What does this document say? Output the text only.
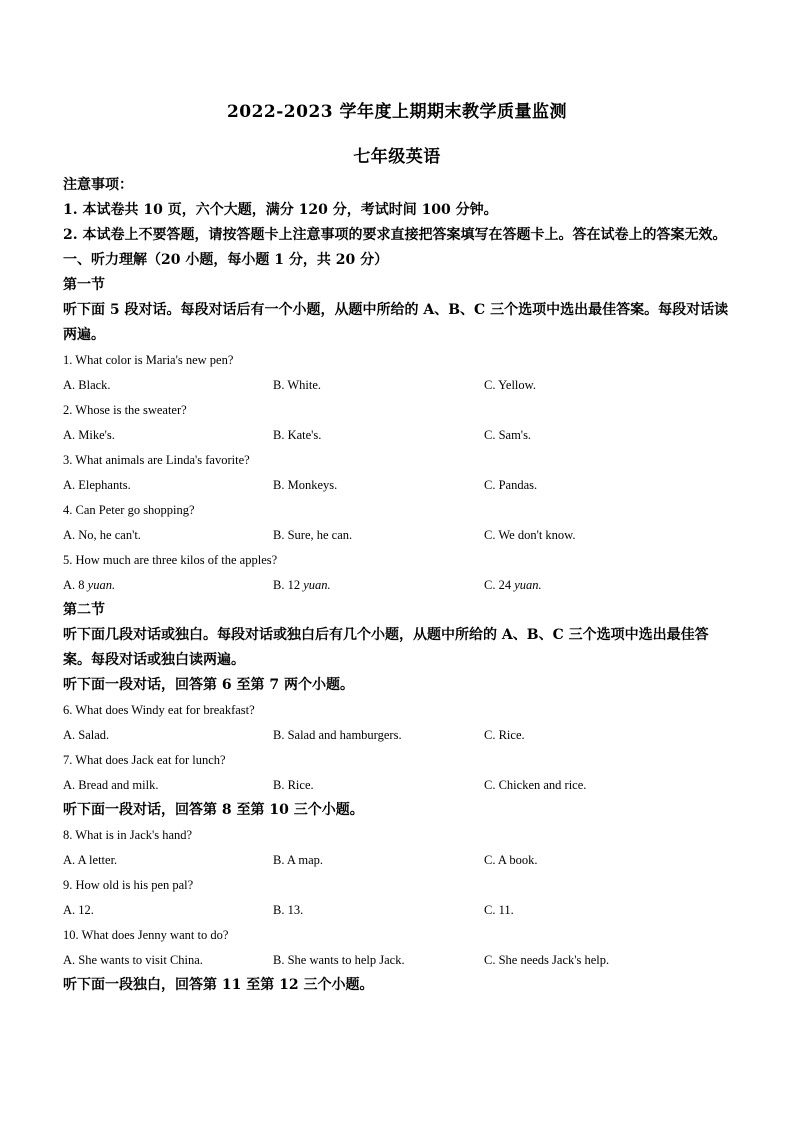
2022-2023 学年度上期期末教学质量监测
七年级英语
注意事项：
1. 本试卷共 10 页，六个大题，满分 120 分，考试时间 100 分钟。
2. 本试卷上不要答题，请按答题卡上注意事项的要求直接把答案填写在答题卡上。答在试卷上的答案无效。
一、听力理解（20 小题，每小题 1 分，共 20 分）
第一节
听下面 5 段对话。每段对话后有一个小题，从题中所给的 A、B、C 三个选项中选出最佳答案。每段对话读两遍。
1. What color is Maria's new pen?
A. Black.	B. White.	C. Yellow.
2. Whose is the sweater?
A. Mike's.	B. Kate's.	C. Sam's.
3. What animals are Linda's favorite?
A. Elephants.	B. Monkeys.	C. Pandas.
4. Can Peter go shopping?
A. No, he can't.	B. Sure, he can.	C. We don't know.
5. How much are three kilos of the apples?
A. 8 yuan.	B. 12 yuan.	C. 24 yuan.
第二节
听下面几段对话或独白。每段对话或独白后有几个小题，从题中所给的 A、B、C 三个选项中选出最佳答案。每段对话或独白读两遍。
听下面一段对话，回答第 6 至第 7 两个小题。
6. What does Windy eat for breakfast?
A. Salad.	B. Salad and hamburgers.	C. Rice.
7. What does Jack eat for lunch?
A. Bread and milk.	B. Rice.	C. Chicken and rice.
听下面一段对话，回答第 8 至第 10 三个小题。
8. What is in Jack's hand?
A. A letter.	B. A map.	C. A book.
9. How old is his pen pal?
A. 12.	B. 13.	C. 11.
10. What does Jenny want to do?
A. She wants to visit China.	B. She wants to help Jack.	C. She needs Jack's help.
听下面一段独白，回答第 11 至第 12 三个小题。
